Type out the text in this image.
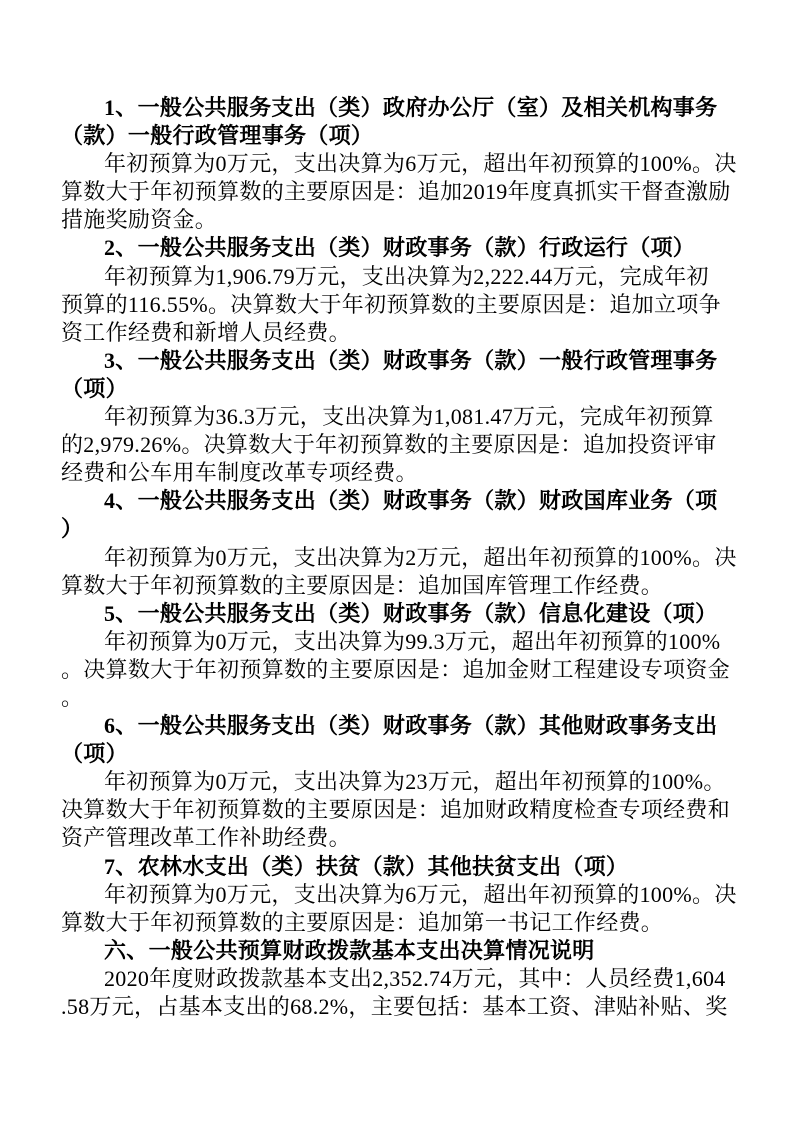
1、一般公共服务支出（类）政府办公厅（室）及相关机构事务
（款）一般行政管理事务（项）
年初预算为0万元，支出决算为6万元，超出年初预算的100%。决
算数大于年初预算数的主要原因是：追加2019年度真抓实干督查激励
措施奖励资金。
2、一般公共服务支出（类）财政事务（款）行政运行（项）
年初预算为1,906.79万元，支出决算为2,222.44万元，完成年初
预算的116.55%。决算数大于年初预算数的主要原因是：追加立项争
资工作经费和新增人员经费。
3、一般公共服务支出（类）财政事务（款）一般行政管理事务
（项）
年初预算为36.3万元，支出决算为1,081.47万元，完成年初预算
的2,979.26%。决算数大于年初预算数的主要原因是：追加投资评审
经费和公车用车制度改革专项经费。
4、一般公共服务支出（类）财政事务（款）财政国库业务（项
）
年初预算为0万元，支出决算为2万元，超出年初预算的100%。决
算数大于年初预算数的主要原因是：追加国库管理工作经费。
5、一般公共服务支出（类）财政事务（款）信息化建设（项）
年初预算为0万元，支出决算为99.3万元，超出年初预算的100%
。决算数大于年初预算数的主要原因是：追加金财工程建设专项资金
。
6、一般公共服务支出（类）财政事务（款）其他财政事务支出
（项）
年初预算为0万元，支出决算为23万元，超出年初预算的100%。
决算数大于年初预算数的主要原因是：追加财政精度检查专项经费和
资产管理改革工作补助经费。
7、农林水支出（类）扶贫（款）其他扶贫支出（项）
年初预算为0万元，支出决算为6万元，超出年初预算的100%。决
算数大于年初预算数的主要原因是：追加第一书记工作经费。
六、一般公共预算财政拨款基本支出决算情况说明
2020年度财政拨款基本支出2,352.74万元，其中：人员经费1,604
.58万元，占基本支出的68.2%，主要包括：基本工资、津贴补贴、奖
